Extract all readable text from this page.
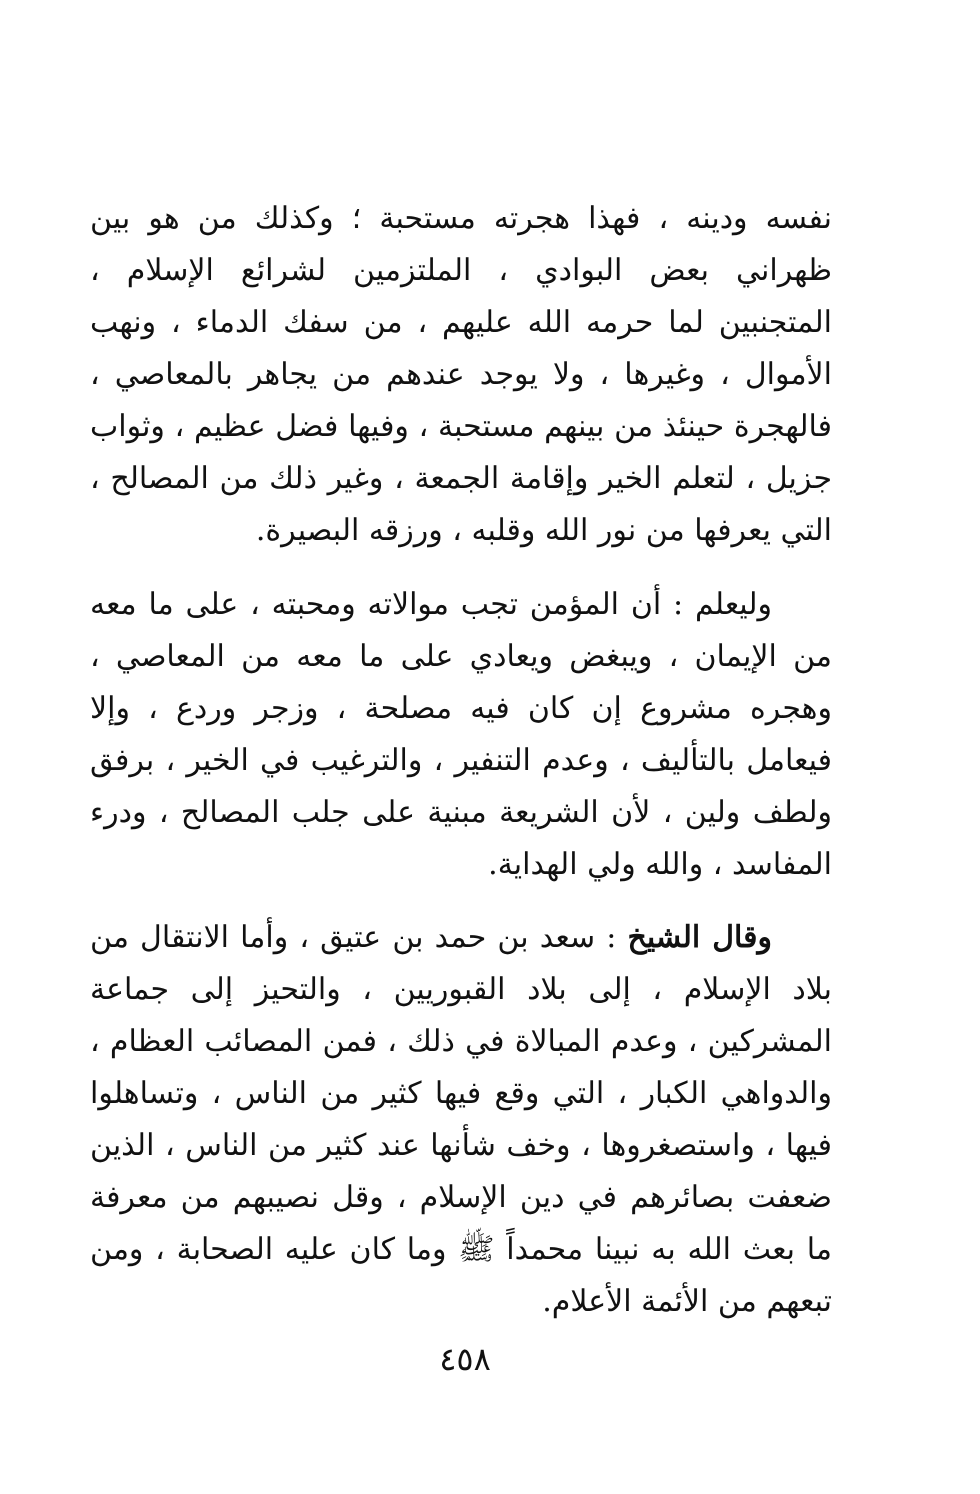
نفسه ودينه ، فهذا هجرته مستحبة ؛ وكذلك من هو بين ظهراني بعض البوادي ، الملتزمين لشرائع الإسلام ، المتجنبين لما حرمه الله عليهم ، من سفك الدماء ، ونهب الأموال ، وغيرها ، ولا يوجد عندهم من يجاهر بالمعاصي ، فالهجرة حينئذ من بينهم مستحبة ، وفيها فضل عظيم ، وثواب جزيل ، لتعلم الخير وإقامة الجمعة ، وغير ذلك من المصالح ، التي يعرفها من نور الله وقلبه ، ورزقه البصيرة.

وليعلم : أن المؤمن تجب موالاته ومحبته ، على ما معه من الإيمان ، ويبغض ويعادي على ما معه من المعاصي ، وهجره مشروع إن كان فيه مصلحة ، وزجر وردع ، وإلا فيعامل بالتأليف ، وعدم التنفير ، والترغيب في الخير ، برفق ولطف ولين ، لأن الشريعة مبنية على جلب المصالح ، ودرء المفاسد ، والله ولي الهداية.

وقال الشيخ : سعد بن حمد بن عتيق ، وأما الانتقال من بلاد الإسلام ، إلى بلاد القبوريين ، والتحيز إلى جماعة المشركين ، وعدم المبالاة في ذلك ، فمن المصائب العظام ، والدواهي الكبار ، التي وقع فيها كثير من الناس ، وتساهلوا فيها ، واستصغروها ، وخف شأنها عند كثير من الناس ، الذين ضعفت بصائرهم في دين الإسلام ، وقل نصيبهم من معرفة ما بعث الله به نبينا محمداً ﷺ وما كان عليه الصحابة ، ومن تبعهم من الأئمة الأعلام.

٤٥٨
